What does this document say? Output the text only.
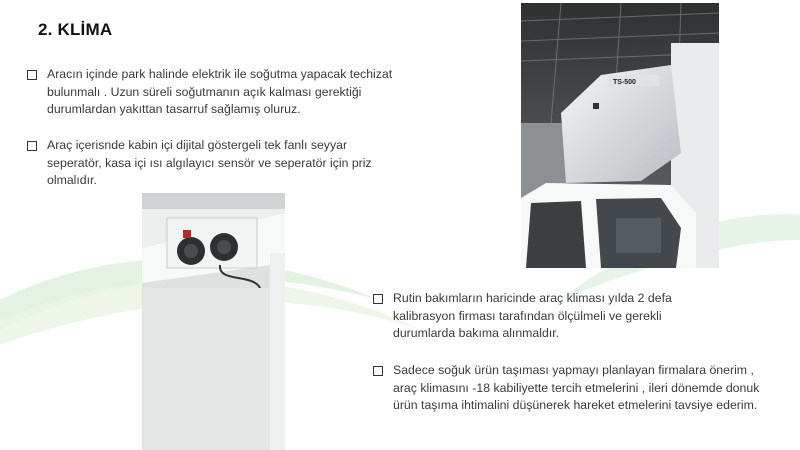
2. KLİMA
Aracın içinde park halinde elektrik ile soğutma yapacak techizat bulunmalı . Uzun süreli soğutmanın açık kalması gerektiği durumlardan yakıttan tasarruf sağlamış oluruz.
Araç içerisnde kabin içi dijital göstergeli tek fanlı seyyar seperatör, kasa içi ısı algılayıcı sensör ve seperatör için priz olmalıdır.
Rutin bakımların haricinde araç kliması yılda 2 defa kalibrasyon firması tarafından ölçülmeli ve gerekli durumlarda bakıma alınmaldır.
Sadece soğuk ürün taşıması yapmayı planlayan firmalara önerim , araç klimasını -18 kabiliyette tercih etmelerini , ileri dönemde donuk ürün taşıma ihtimalini düşünerek hareket etmelerini tavsiye ederim.
TS-500
